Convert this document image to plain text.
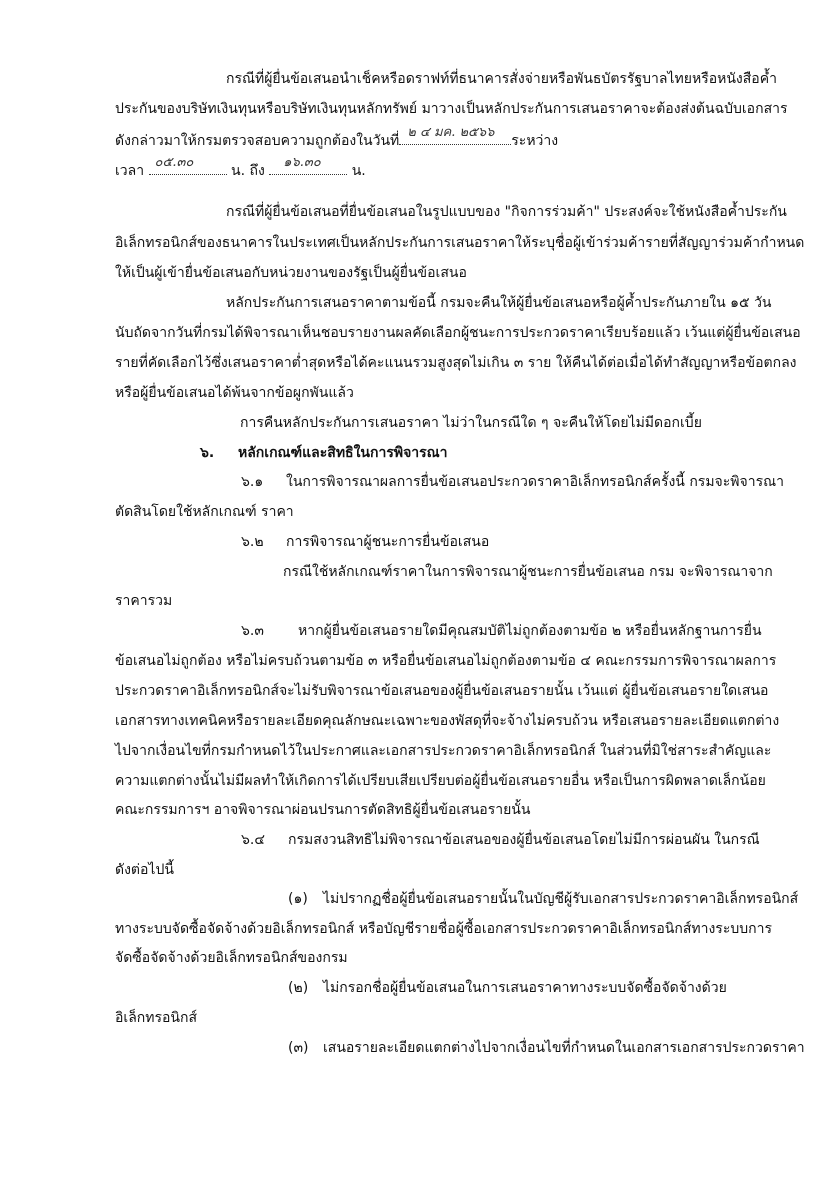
กรณีที่ผู้ยื่นข้อเสนอนำเช็คหรือดราฟท์ที่ธนาคารสั่งจ่ายหรือพันธบัตรรัฐบาลไทยหรือหนังสือค้ำ
ประกันของบริษัทเงินทุนหรือบริษัทเงินทุนหลักทรัพย์ มาวางเป็นหลักประกันการเสนอราคาจะต้องส่งต้นฉบับเอกสาร
ดังกล่าวมาให้กรมตรวจสอบความถูกต้องในวันที่
๒ ๔ มค. ๒๕๖๖
ระหว่าง
เวลา
๐๕.๓๐
น. ถึง
๑๖.๓๐
น.
กรณีที่ผู้ยื่นข้อเสนอที่ยื่นข้อเสนอในรูปแบบของ "กิจการร่วมค้า" ประสงค์จะใช้หนังสือค้ำประกัน
อิเล็กทรอนิกส์ของธนาคารในประเทศเป็นหลักประกันการเสนอราคาให้ระบุชื่อผู้เข้าร่วมค้ารายที่สัญญาร่วมค้ากำหนด
ให้เป็นผู้เข้ายื่นข้อเสนอกับหน่วยงานของรัฐเป็นผู้ยื่นข้อเสนอ
หลักประกันการเสนอราคาตามข้อนี้ กรมจะคืนให้ผู้ยื่นข้อเสนอหรือผู้ค้ำประกันภายใน ๑๕ วัน
นับถัดจากวันที่กรมได้พิจารณาเห็นชอบรายงานผลคัดเลือกผู้ชนะการประกวดราคาเรียบร้อยแล้ว เว้นแต่ผู้ยื่นข้อเสนอ
รายที่คัดเลือกไว้ซึ่งเสนอราคาต่ำสุดหรือได้คะแนนรวมสูงสุดไม่เกิน ๓ ราย ให้คืนได้ต่อเมื่อได้ทำสัญญาหรือข้อตกลง
หรือผู้ยื่นข้อเสนอได้พ้นจากข้อผูกพันแล้ว
การคืนหลักประกันการเสนอราคา ไม่ว่าในกรณีใด ๆ จะคืนให้โดยไม่มีดอกเบี้ย
๖. หลักเกณฑ์และสิทธิในการพิจารณา
๖.๑ ในการพิจารณาผลการยื่นข้อเสนอประกวดราคาอิเล็กทรอนิกส์ครั้งนี้ กรมจะพิจารณา
ตัดสินโดยใช้หลักเกณฑ์ ราคา
๖.๒ การพิจารณาผู้ชนะการยื่นข้อเสนอ
กรณีใช้หลักเกณฑ์ราคาในการพิจารณาผู้ชนะการยื่นข้อเสนอ กรม จะพิจารณาจาก
ราคารวม
๖.๓ หากผู้ยื่นข้อเสนอรายใดมีคุณสมบัติไม่ถูกต้องตามข้อ ๒ หรือยื่นหลักฐานการยื่น
ข้อเสนอไม่ถูกต้อง หรือไม่ครบถ้วนตามข้อ ๓ หรือยื่นข้อเสนอไม่ถูกต้องตามข้อ ๔ คณะกรรมการพิจารณาผลการ
ประกวดราคาอิเล็กทรอนิกส์จะไม่รับพิจารณาข้อเสนอของผู้ยื่นข้อเสนอรายนั้น เว้นแต่ ผู้ยื่นข้อเสนอรายใดเสนอ
เอกสารทางเทคนิคหรือรายละเอียดคุณลักษณะเฉพาะของพัสดุที่จะจ้างไม่ครบถ้วน หรือเสนอรายละเอียดแตกต่าง
ไปจากเงื่อนไขที่กรมกำหนดไว้ในประกาศและเอกสารประกวดราคาอิเล็กทรอนิกส์ ในส่วนที่มิใช่สาระสำคัญและ
ความแตกต่างนั้นไม่มีผลทำให้เกิดการได้เปรียบเสียเปรียบต่อผู้ยื่นข้อเสนอรายอื่น หรือเป็นการผิดพลาดเล็กน้อย
คณะกรรมการฯ อาจพิจารณาผ่อนปรนการตัดสิทธิผู้ยื่นข้อเสนอรายนั้น
๖.๔ กรมสงวนสิทธิไม่พิจารณาข้อเสนอของผู้ยื่นข้อเสนอโดยไม่มีการผ่อนผัน ในกรณี
ดังต่อไปนี้
(๑) ไม่ปรากฏชื่อผู้ยื่นข้อเสนอรายนั้นในบัญชีผู้รับเอกสารประกวดราคาอิเล็กทรอนิกส์
ทางระบบจัดซื้อจัดจ้างด้วยอิเล็กทรอนิกส์ หรือบัญชีรายชื่อผู้ซื้อเอกสารประกวดราคาอิเล็กทรอนิกส์ทางระบบการ
จัดซื้อจัดจ้างด้วยอิเล็กทรอนิกส์ของกรม
(๒) ไม่กรอกชื่อผู้ยื่นข้อเสนอในการเสนอราคาทางระบบจัดซื้อจัดจ้างด้วย
อิเล็กทรอนิกส์
(๓) เสนอรายละเอียดแตกต่างไปจากเงื่อนไขที่กำหนดในเอกสารเอกสารประกวดราคา
